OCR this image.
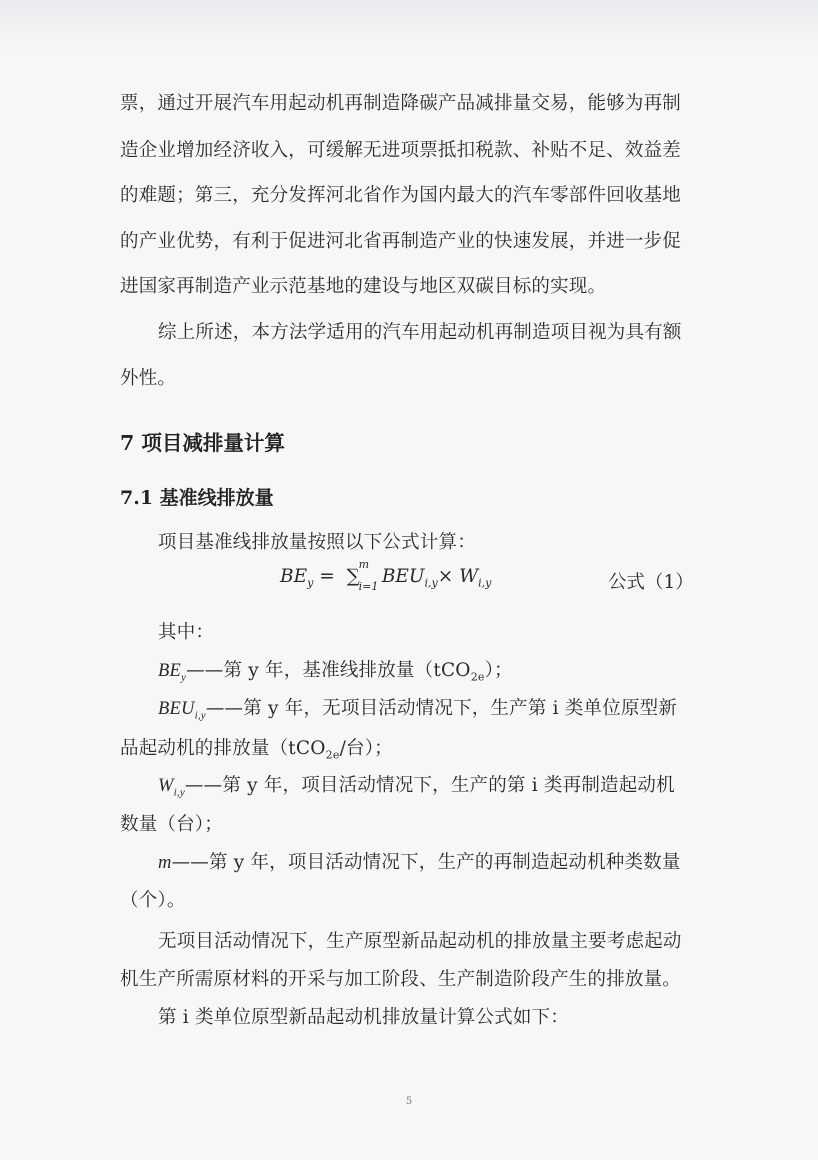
票，通过开展汽车用起动机再制造降碳产品减排量交易，能够为再制
造企业增加经济收入，可缓解无进项票抵扣税款、补贴不足、效益差
的难题；第三，充分发挥河北省作为国内最大的汽车零部件回收基地
的产业优势，有利于促进河北省再制造产业的快速发展，并进一步促
进国家再制造产业示范基地的建设与地区双碳目标的实现。
综上所述，本方法学适用的汽车用起动机再制造项目视为具有额
外性。
7 项目减排量计算
7.1 基准线排放量
项目基准线排放量按照以下公式计算：
$BE_y$ = ∑
m
i=1 $BEU_{i,y}\times W_{i,y}$	公式（1）
其中：
$BE_y——$第 y 年，基准线排放量（tCO$_{2e}$）；
$BEU_{i,y}——$第 y 年，无项目活动情况下，生产第 i 类单位原型新
品起动机的排放量（tCO$_{2e}$/台）；
$W_{i,y}——$第 y 年，项目活动情况下，生产的第 i 类再制造起动机
数量（台）；
m——第 y 年，项目活动情况下，生产的再制造起动机种类数量
（个）。
无项目活动情况下，生产原型新品起动机的排放量主要考虑起动
机生产所需原材料的开采与加工阶段、生产制造阶段产生的排放量。
第 i 类单位原型新品起动机排放量计算公式如下：
5
